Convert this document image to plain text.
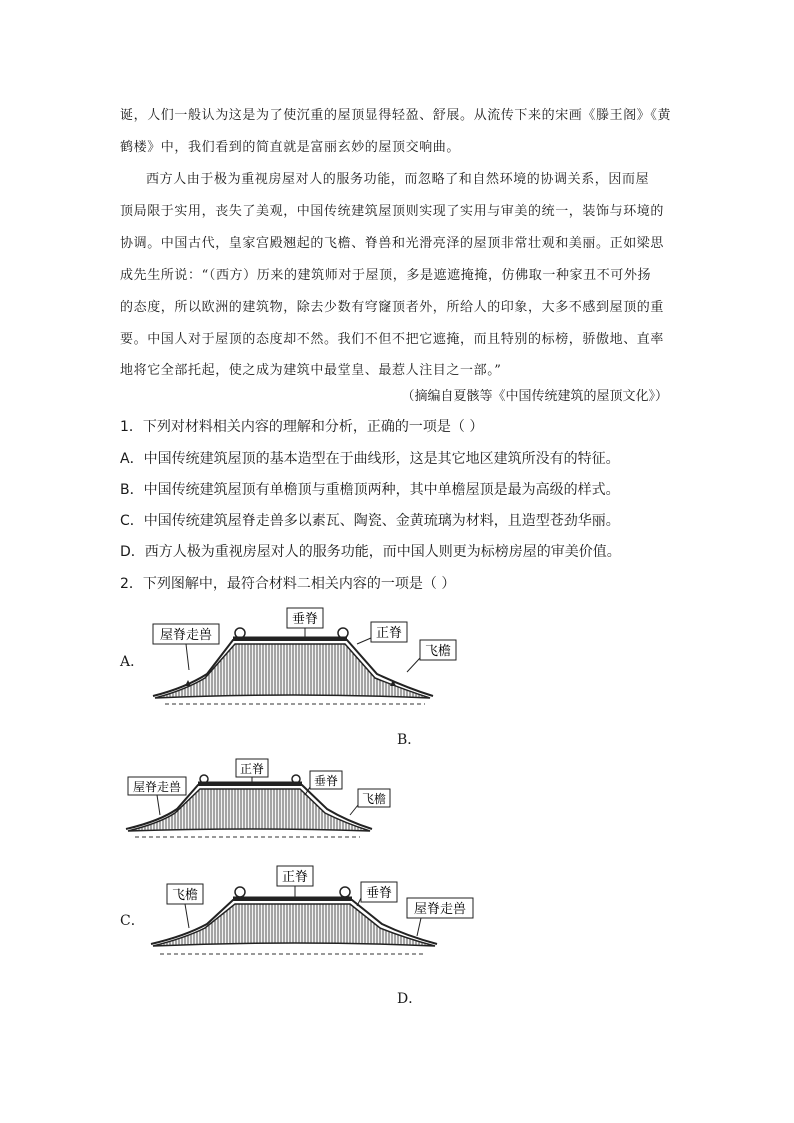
诞，人们一般认为这是为了使沉重的屋顶显得轻盈、舒展。从流传下来的宋画《滕王阁》《黄
鹤楼》中，我们看到的简直就是富丽玄妙的屋顶交响曲。
西方人由于极为重视房屋对人的服务功能，而忽略了和自然环境的协调关系，因而屋
顶局限于实用，丧失了美观，中国传统建筑屋顶则实现了实用与审美的统一，装饰与环境的
协调。中国古代，皇家宫殿翘起的飞檐、脊兽和光滑亮泽的屋顶非常壮观和美丽。正如梁思
成先生所说：“（西方）历来的建筑师对于屋顶，多是遮遮掩掩，仿佛取一种家丑不可外扬
的态度，所以欧洲的建筑物，除去少数有穹窿顶者外，所给人的印象，大多不感到屋顶的重
要。中国人对于屋顶的态度却不然。我们不但不把它遮掩，而且特别的标榜，骄傲地、直率
地将它全部托起，使之成为建筑中最堂皇、最惹人注目之一部。”
（摘编自夏骸等《中国传统建筑的屋顶文化》）
1．下列对材料相关内容的理解和分析，正确的一项是（ ）
A．中国传统建筑屋顶的基本造型在于曲线形，这是其它地区建筑所没有的特征。
B．中国传统建筑屋顶有单檐顶与重檐顶两种，其中单檐屋顶是最为高级的样式。
C．中国传统建筑屋脊走兽多以素瓦、陶瓷、金黄琉璃为材料，且造型苍劲华丽。
D．西方人极为重视房屋对人的服务功能，而中国人则更为标榜房屋的审美价值。
2．下列图解中，最符合材料二相关内容的一项是（ ）
A．
屋脊走兽
垂脊
正脊
飞檐
B．
屋脊走兽
正脊
垂脊
飞檐
C．
飞檐
正脊
垂脊
屋脊走兽
D．
